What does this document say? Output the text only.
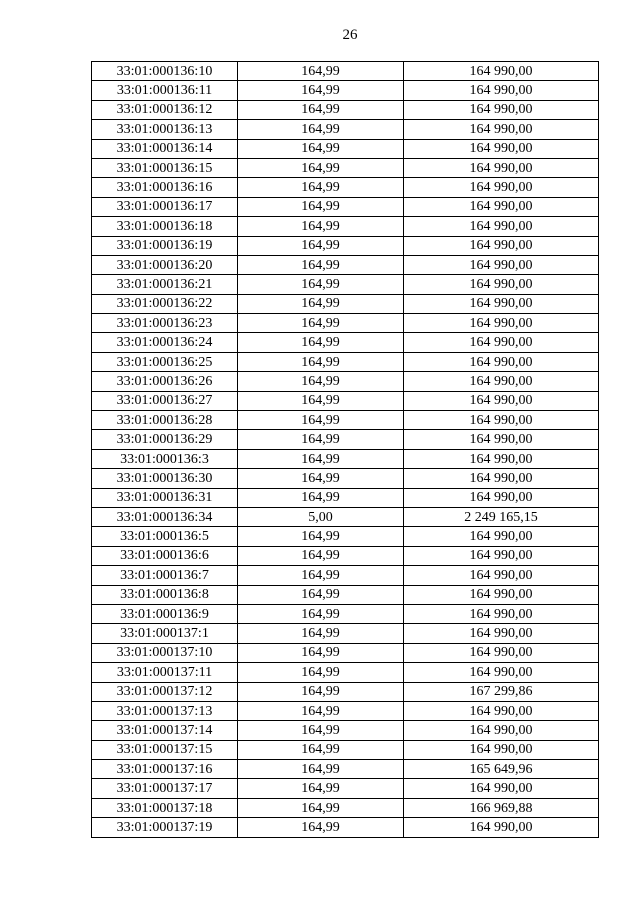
26
33:01:000136:10	164,99	164 990,00
33:01:000136:11	164,99	164 990,00
33:01:000136:12	164,99	164 990,00
33:01:000136:13	164,99	164 990,00
33:01:000136:14	164,99	164 990,00
33:01:000136:15	164,99	164 990,00
33:01:000136:16	164,99	164 990,00
33:01:000136:17	164,99	164 990,00
33:01:000136:18	164,99	164 990,00
33:01:000136:19	164,99	164 990,00
33:01:000136:20	164,99	164 990,00
33:01:000136:21	164,99	164 990,00
33:01:000136:22	164,99	164 990,00
33:01:000136:23	164,99	164 990,00
33:01:000136:24	164,99	164 990,00
33:01:000136:25	164,99	164 990,00
33:01:000136:26	164,99	164 990,00
33:01:000136:27	164,99	164 990,00
33:01:000136:28	164,99	164 990,00
33:01:000136:29	164,99	164 990,00
33:01:000136:3	164,99	164 990,00
33:01:000136:30	164,99	164 990,00
33:01:000136:31	164,99	164 990,00
33:01:000136:34	5,00	2 249 165,15
33:01:000136:5	164,99	164 990,00
33:01:000136:6	164,99	164 990,00
33:01:000136:7	164,99	164 990,00
33:01:000136:8	164,99	164 990,00
33:01:000136:9	164,99	164 990,00
33:01:000137:1	164,99	164 990,00
33:01:000137:10	164,99	164 990,00
33:01:000137:11	164,99	164 990,00
33:01:000137:12	164,99	167 299,86
33:01:000137:13	164,99	164 990,00
33:01:000137:14	164,99	164 990,00
33:01:000137:15	164,99	164 990,00
33:01:000137:16	164,99	165 649,96
33:01:000137:17	164,99	164 990,00
33:01:000137:18	164,99	166 969,88
33:01:000137:19	164,99	164 990,00
